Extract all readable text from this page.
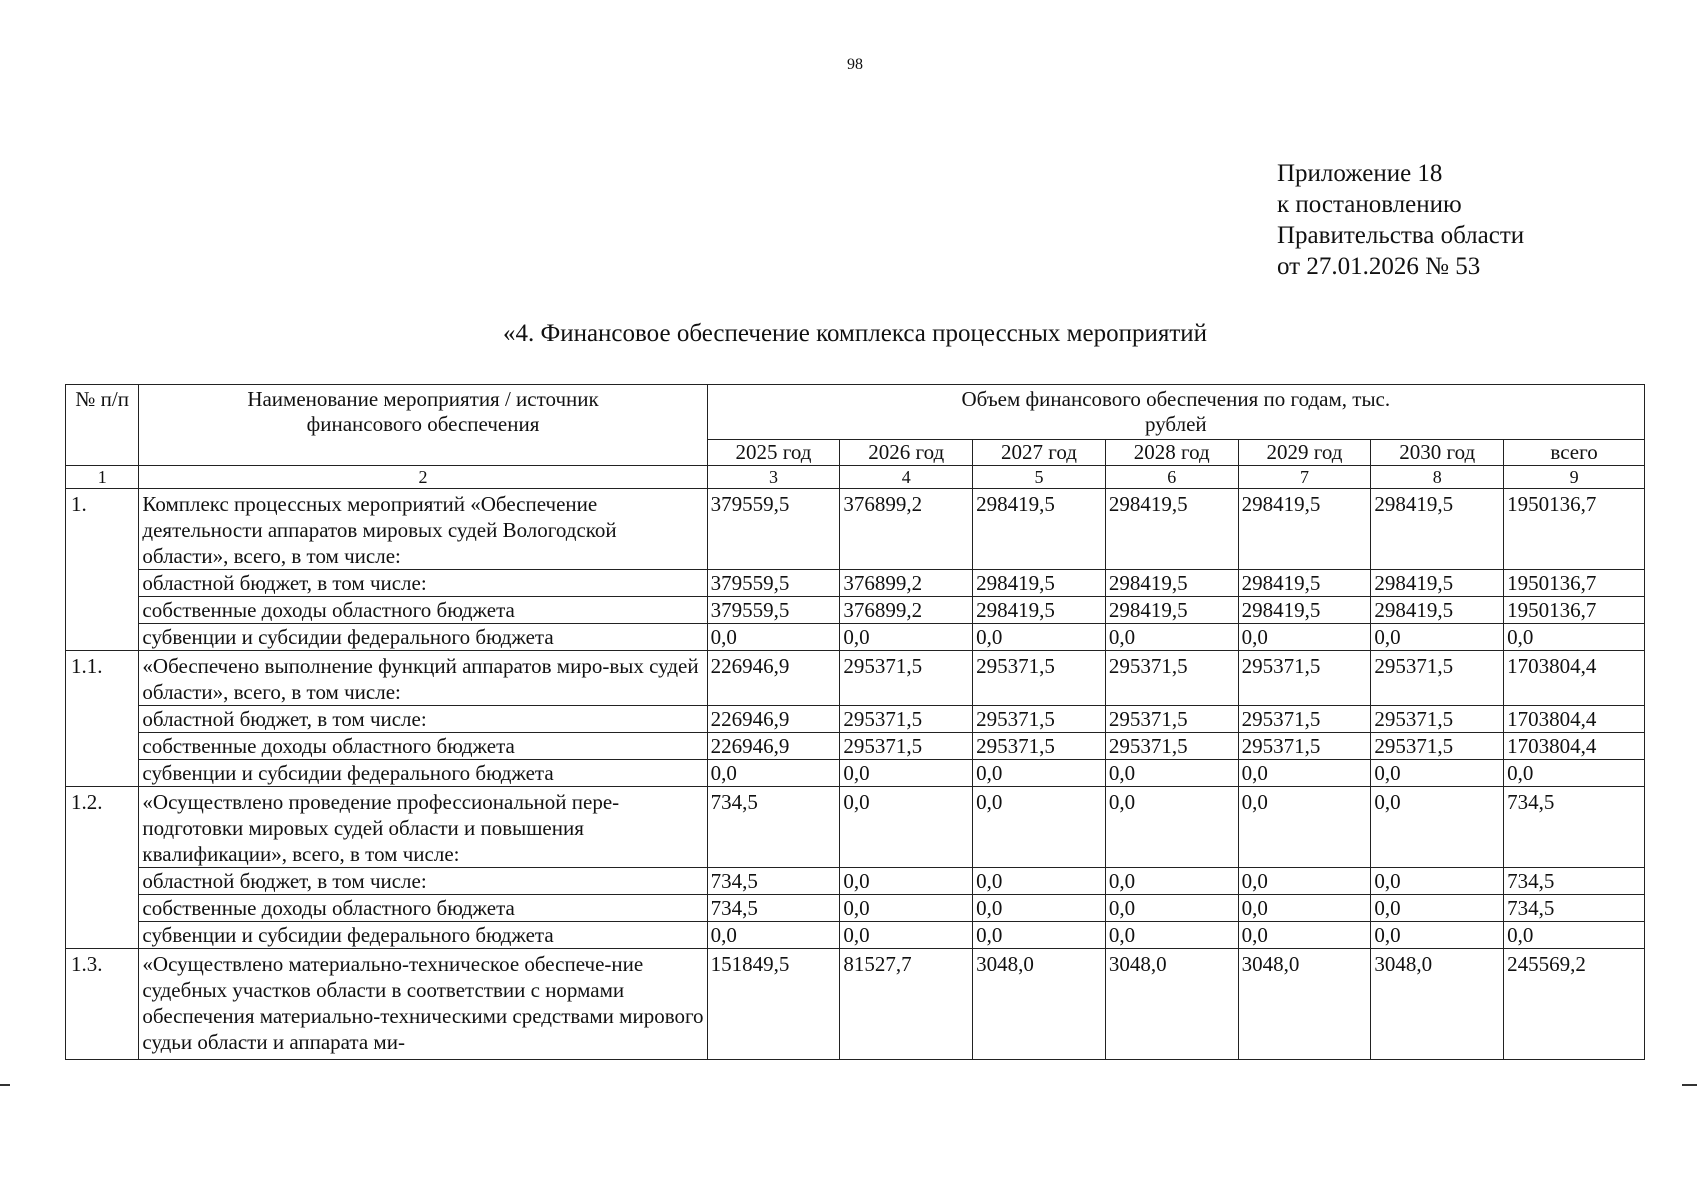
98
Приложение 18
к постановлению
Правительства области
от 27.01.2026 № 53
«4. Финансовое обеспечение комплекса процессных мероприятий
№ п/п	Наименование мероприятия / источник финансового обеспечения	Объем финансового обеспечения по годам, тыс. рублей						
		2025 год	2026 год	2027 год	2028 год	2029 год	2030 год	всего
1	2	3	4	5	6	7	8	9
1.	Комплекс процессных мероприятий «Обеспечение деятельности аппаратов мировых судей Вологодской области», всего, в том числе:	379559,5	376899,2	298419,5	298419,5	298419,5	298419,5	1950136,7
	областной бюджет, в том числе:	379559,5	376899,2	298419,5	298419,5	298419,5	298419,5	1950136,7
	собственные доходы областного бюджета	379559,5	376899,2	298419,5	298419,5	298419,5	298419,5	1950136,7
	субвенции и субсидии федерального бюджета	0,0	0,0	0,0	0,0	0,0	0,0	0,0
1.1.	«Обеспечено выполнение функций аппаратов миро-вых судей области», всего, в том числе:	226946,9	295371,5	295371,5	295371,5	295371,5	295371,5	1703804,4
	областной бюджет, в том числе:	226946,9	295371,5	295371,5	295371,5	295371,5	295371,5	1703804,4
	собственные доходы областного бюджета	226946,9	295371,5	295371,5	295371,5	295371,5	295371,5	1703804,4
	субвенции и субсидии федерального бюджета	0,0	0,0	0,0	0,0	0,0	0,0	0,0
1.2.	«Осуществлено проведение профессиональной пере-подготовки мировых судей области и повышения квалификации», всего, в том числе:	734,5	0,0	0,0	0,0	0,0	0,0	734,5
	областной бюджет, в том числе:	734,5	0,0	0,0	0,0	0,0	0,0	734,5
	собственные доходы областного бюджета	734,5	0,0	0,0	0,0	0,0	0,0	734,5
	субвенции и субсидии федерального бюджета	0,0	0,0	0,0	0,0	0,0	0,0	0,0
1.3.	«Осуществлено материально-техническое обеспече-ние судебных участков области в соответствии с нормами обеспечения материально-техническими средствами мирового судьи области и аппарата ми-	151849,5	81527,7	3048,0	3048,0	3048,0	3048,0	245569,2
